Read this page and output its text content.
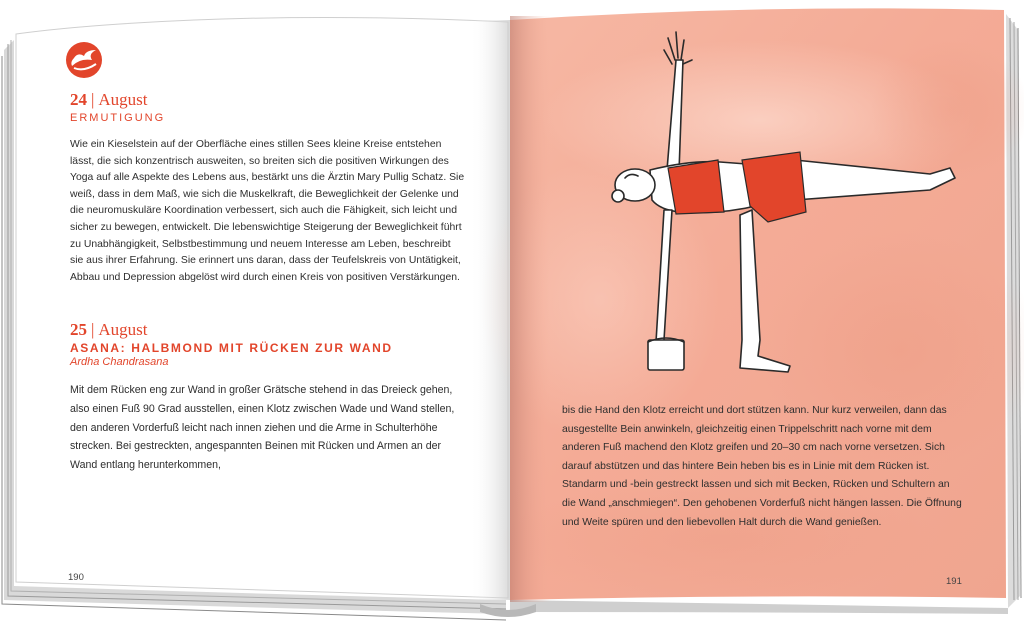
24 | August
ERMUTIGUNG
Wie ein Kieselstein auf der Oberfläche eines stillen Sees kleine Kreise entstehen lässt, die sich konzentrisch ausweiten, so breiten sich die positiven Wirkungen des Yoga auf alle Aspekte des Lebens aus, bestärkt uns die Ärztin Mary Pullig Schatz. Sie weiß, dass in dem Maß, wie sich die Muskelkraft, die Beweglichkeit der Gelenke und die neuromuskuläre Koordination verbessert, sich auch die Fähigkeit, sich leicht und sicher zu bewegen, entwickelt. Die lebenswichtige Steigerung der Beweglichkeit führt zu Unabhängigkeit, Selbstbestimmung und neuem Interesse am Leben, beschreibt sie aus ihrer Erfahrung. Sie erinnert uns daran, dass der Teufelskreis von Untätigkeit, Abbau und Depression abgelöst wird durch einen Kreis von positiven Verstärkungen.
25 | August
ASANA: HALBMOND MIT RÜCKEN ZUR WAND
Ardha Chandrasana
Mit dem Rücken eng zur Wand in großer Grätsche stehend in das Dreieck gehen, also einen Fuß 90 Grad ausstellen, einen Klotz zwischen Wade und Wand stellen, den anderen Vorderfuß leicht nach innen ziehen und die Arme in Schulterhöhe strecken. Bei gestreckten, angespannten Beinen mit Rücken und Armen an der Wand entlang herunterkommen,
190
bis die Hand den Klotz erreicht und dort stützen kann. Nur kurz verweilen, dann das ausgestellte Bein anwinkeln, gleichzeitig einen Trippelschritt nach vorne mit dem anderen Fuß machend den Klotz greifen und 20–30 cm nach vorne versetzen. Sich darauf abstützen und das hintere Bein heben bis es in Linie mit dem Rücken ist. Standarm und -bein gestreckt lassen und sich mit Becken, Rücken und Schultern an die Wand „anschmiegen“. Den gehobenen Vorderfuß nicht hängen lassen. Die Öffnung und Weite spüren und den liebevollen Halt durch die Wand genießen.
191
